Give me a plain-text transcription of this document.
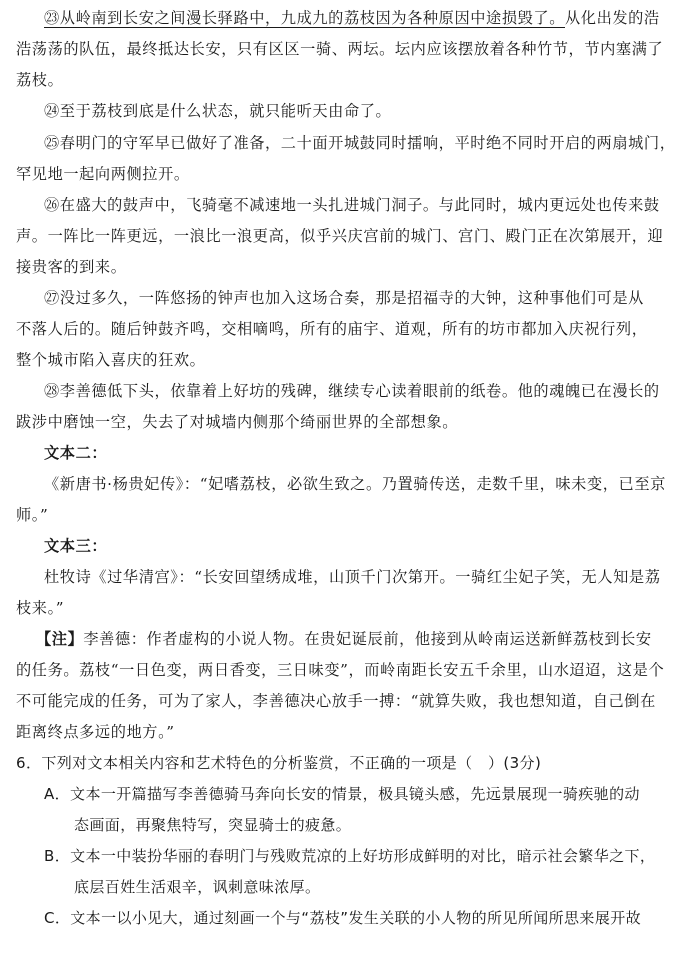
㉓从岭南到长安之间漫长驿路中，九成九的荔枝因为各种原因中途损毁了。从化出发的浩
浩荡荡的队伍，最终抵达长安，只有区区一骑、两坛。坛内应该摆放着各种竹节，节内塞满了
荔枝。
㉔至于荔枝到底是什么状态，就只能听天由命了。
㉕春明门的守军早已做好了准备，二十面开城鼓同时擂响，平时绝不同时开启的两扇城门，
罕见地一起向两侧拉开。
㉖在盛大的鼓声中，飞骑毫不减速地一头扎进城门洞子。与此同时，城内更远处也传来鼓
声。一阵比一阵更远，一浪比一浪更高，似乎兴庆宫前的城门、宫门、殿门正在次第展开，迎
接贵客的到来。
㉗没过多久，一阵悠扬的钟声也加入这场合奏，那是招福寺的大钟，这种事他们可是从
不落人后的。随后钟鼓齐鸣，交相嘀鸣，所有的庙宇、道观，所有的坊市都加入庆祝行列，
整个城市陷入喜庆的狂欢。
㉘李善德低下头，依靠着上好坊的残碑，继续专心读着眼前的纸卷。他的魂魄已在漫长的
跋涉中磨蚀一空，失去了对城墙内侧那个绮丽世界的全部想象。
文本二：
《新唐书·杨贵妃传》：“妃嗜荔枝，必欲生致之。乃置骑传送，走数千里，味未变，已至京
师。”
文本三：
杜牧诗《过华清宫》：“长安回望绣成堆，山顶千门次第开。一骑红尘妃子笑，无人知是荔
枝来。”
【注】李善德：作者虚构的小说人物。在贵妃诞辰前，他接到从岭南运送新鲜荔枝到长安
的任务。荔枝“一日色变，两日香变，三日味变”，而岭南距长安五千余里，山水迢迢，这是个
不可能完成的任务，可为了家人，李善德决心放手一搏：“就算失败，我也想知道，自己倒在
距离终点多远的地方。”
6．下列对文本相关内容和艺术特色的分析鉴赏，不正确的一项是（　）(3分)
A．文本一开篇描写李善德骑马奔向长安的情景，极具镜头感，先远景展现一骑疾驰的动
态画面，再聚焦特写，突显骑士的疲惫。
B．文本一中装扮华丽的春明门与残败荒凉的上好坊形成鲜明的对比，暗示社会繁华之下，
底层百姓生活艰辛，讽刺意味浓厚。
C．文本一以小见大，通过刻画一个与“荔枝”发生关联的小人物的所见所闻所思来展开故
